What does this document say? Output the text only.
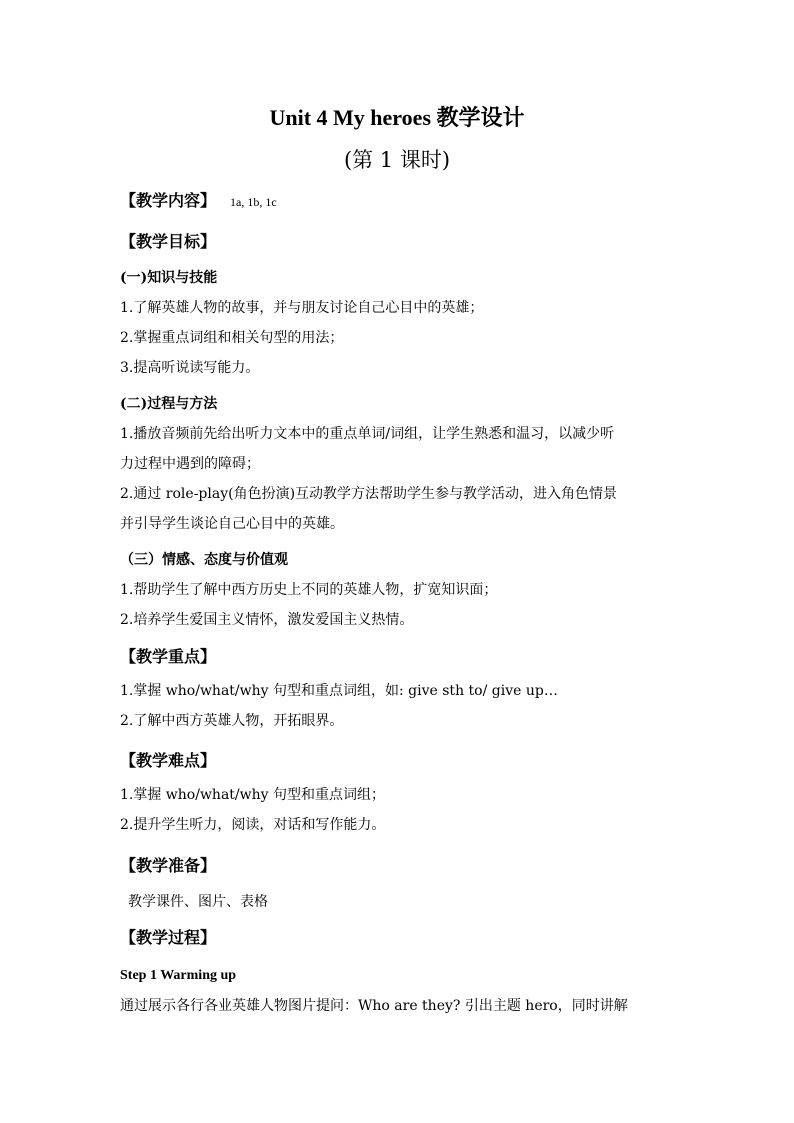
Unit 4 My heroes 教学设计
(第 1 课时)
【教学内容】 1a, 1b, 1c
【教学目标】
(一)知识与技能
1.了解英雄人物的故事，并与朋友讨论自己心目中的英雄；
2.掌握重点词组和相关句型的用法；
3.提高听说读写能力。
(二)过程与方法
1.播放音频前先给出听力文本中的重点单词/词组，让学生熟悉和温习，以减少听
力过程中遇到的障碍；
2.通过 role-play(角色扮演)互动教学方法帮助学生参与教学活动，进入角色情景
并引导学生谈论自己心目中的英雄。
（三）情感、态度与价值观
1.帮助学生了解中西方历史上不同的英雄人物，扩宽知识面；
2.培养学生爱国主义情怀，激发爱国主义热情。
【教学重点】
1.掌握 who/what/why 句型和重点词组，如: give sth to/ give up…
2.了解中西方英雄人物，开拓眼界。
【教学难点】
1.掌握 who/what/why 句型和重点词组；
2.提升学生听力，阅读，对话和写作能力。
【教学准备】
教学课件、图片、表格
【教学过程】
Step 1 Warming up
通过展示各行各业英雄人物图片提问：Who are they? 引出主题 hero，同时讲解
